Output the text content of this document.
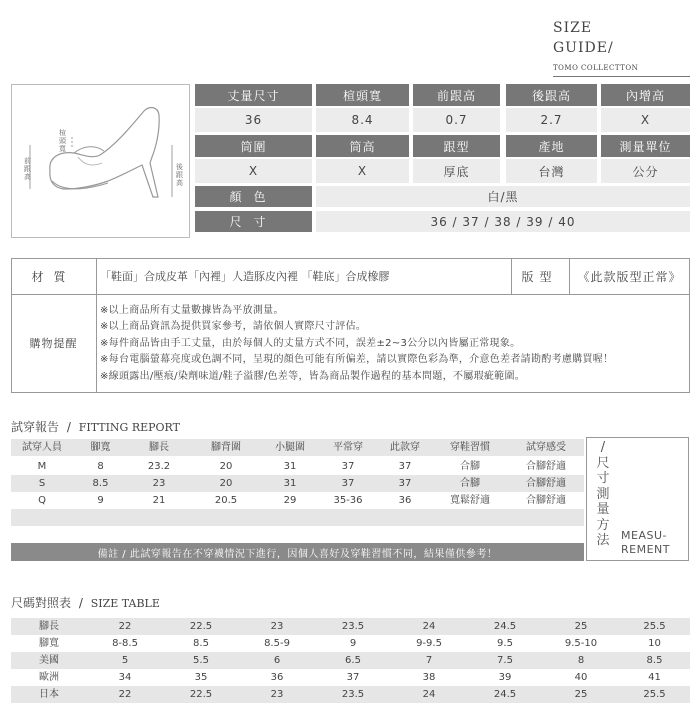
SIZE
GUIDE/
TOMO COLLECTTON
楦頭寬
前跟高
後跟高
丈量尺寸	楦頭寬	前跟高	後跟高	內增高
36	8.4	0.7	2.7	X
筒圍	筒高	跟型	產地	測量單位
X	X	厚底	台灣	公分
顏色	白/黑
尺寸	36 / 37 / 38 / 39 / 40
材質	「鞋面」合成皮革「內裡」人造豚皮內裡 「鞋底」合成橡膠	版型	《此款版型正常》
購物提醒
※以上商品所有丈量數據皆為平放測量。
※以上商品資訊為提供買家參考，請依個人實際尺寸評估。
※每件商品皆由手工丈量，由於每個人的丈量方式不同，誤差±2~3公分以內皆屬正常現象。
※每台電腦螢幕亮度或色調不同，呈現的顏色可能有所偏差，請以實際色彩為準，介意色差者請勘酌考慮購買喔！
※線頭露出/壓痕/染劑味道/鞋子溢膠/色差等，皆為商品製作過程的基本問題，不屬瑕疵範圍。
試穿報告 / FITTING REPORT
試穿人員	腳寬	腳長	腳背圍	小腿圍	平常穿	此款穿	穿鞋習慣	試穿感受
M	8	23.2	20	31	37	37	合腳	合腳舒適
S	8.5	23	20	31	37	37	合腳	合腳舒適
Q	9	21	20.5	29	35-36	36	寬鬆舒適	合腳舒適
備註 / 此試穿報告在不穿襪情況下進行，因個人喜好及穿鞋習慣不同，結果僅供參考！
/
尺
寸
測
量
方
法 MEASU-
REMENT
尺碼對照表 / SIZE TABLE
腳長	22	22.5	23	23.5	24	24.5	25	25.5
腳寬	8-8.5	8.5	8.5-9	9	9-9.5	9.5	9.5-10	10
美國	5	5.5	6	6.5	7	7.5	8	8.5
歐洲	34	35	36	37	38	39	40	41
日本	22	22.5	23	23.5	24	24.5	25	25.5
